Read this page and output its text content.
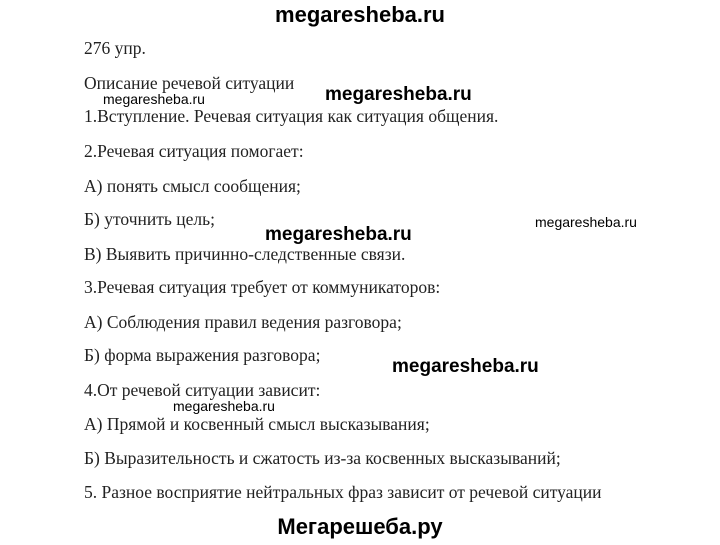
megaresheba.ru
276 упр.
Описание речевой ситуации
1.Вступление. Речевая ситуация как ситуация общения.
2.Речевая ситуация помогает:
А) понять смысл сообщения;
Б) уточнить цель;
В) Выявить причинно-следственные связи.
3.Речевая ситуация требует от коммуникаторов:
А) Соблюдения правил ведения разговора;
Б) форма выражения разговора;
4.От речевой ситуации зависит:
А) Прямой и косвенный смысл высказывания;
Б) Выразительность и сжатость из-за косвенных высказываний;
5. Разное восприятие нейтральных фраз зависит от речевой ситуации
megaresheba.ru	megaresheba.ru
megaresheba.ru
megaresheba.ru
megaresheba.ru
megaresheba.ru
Мегарешеба.ру
